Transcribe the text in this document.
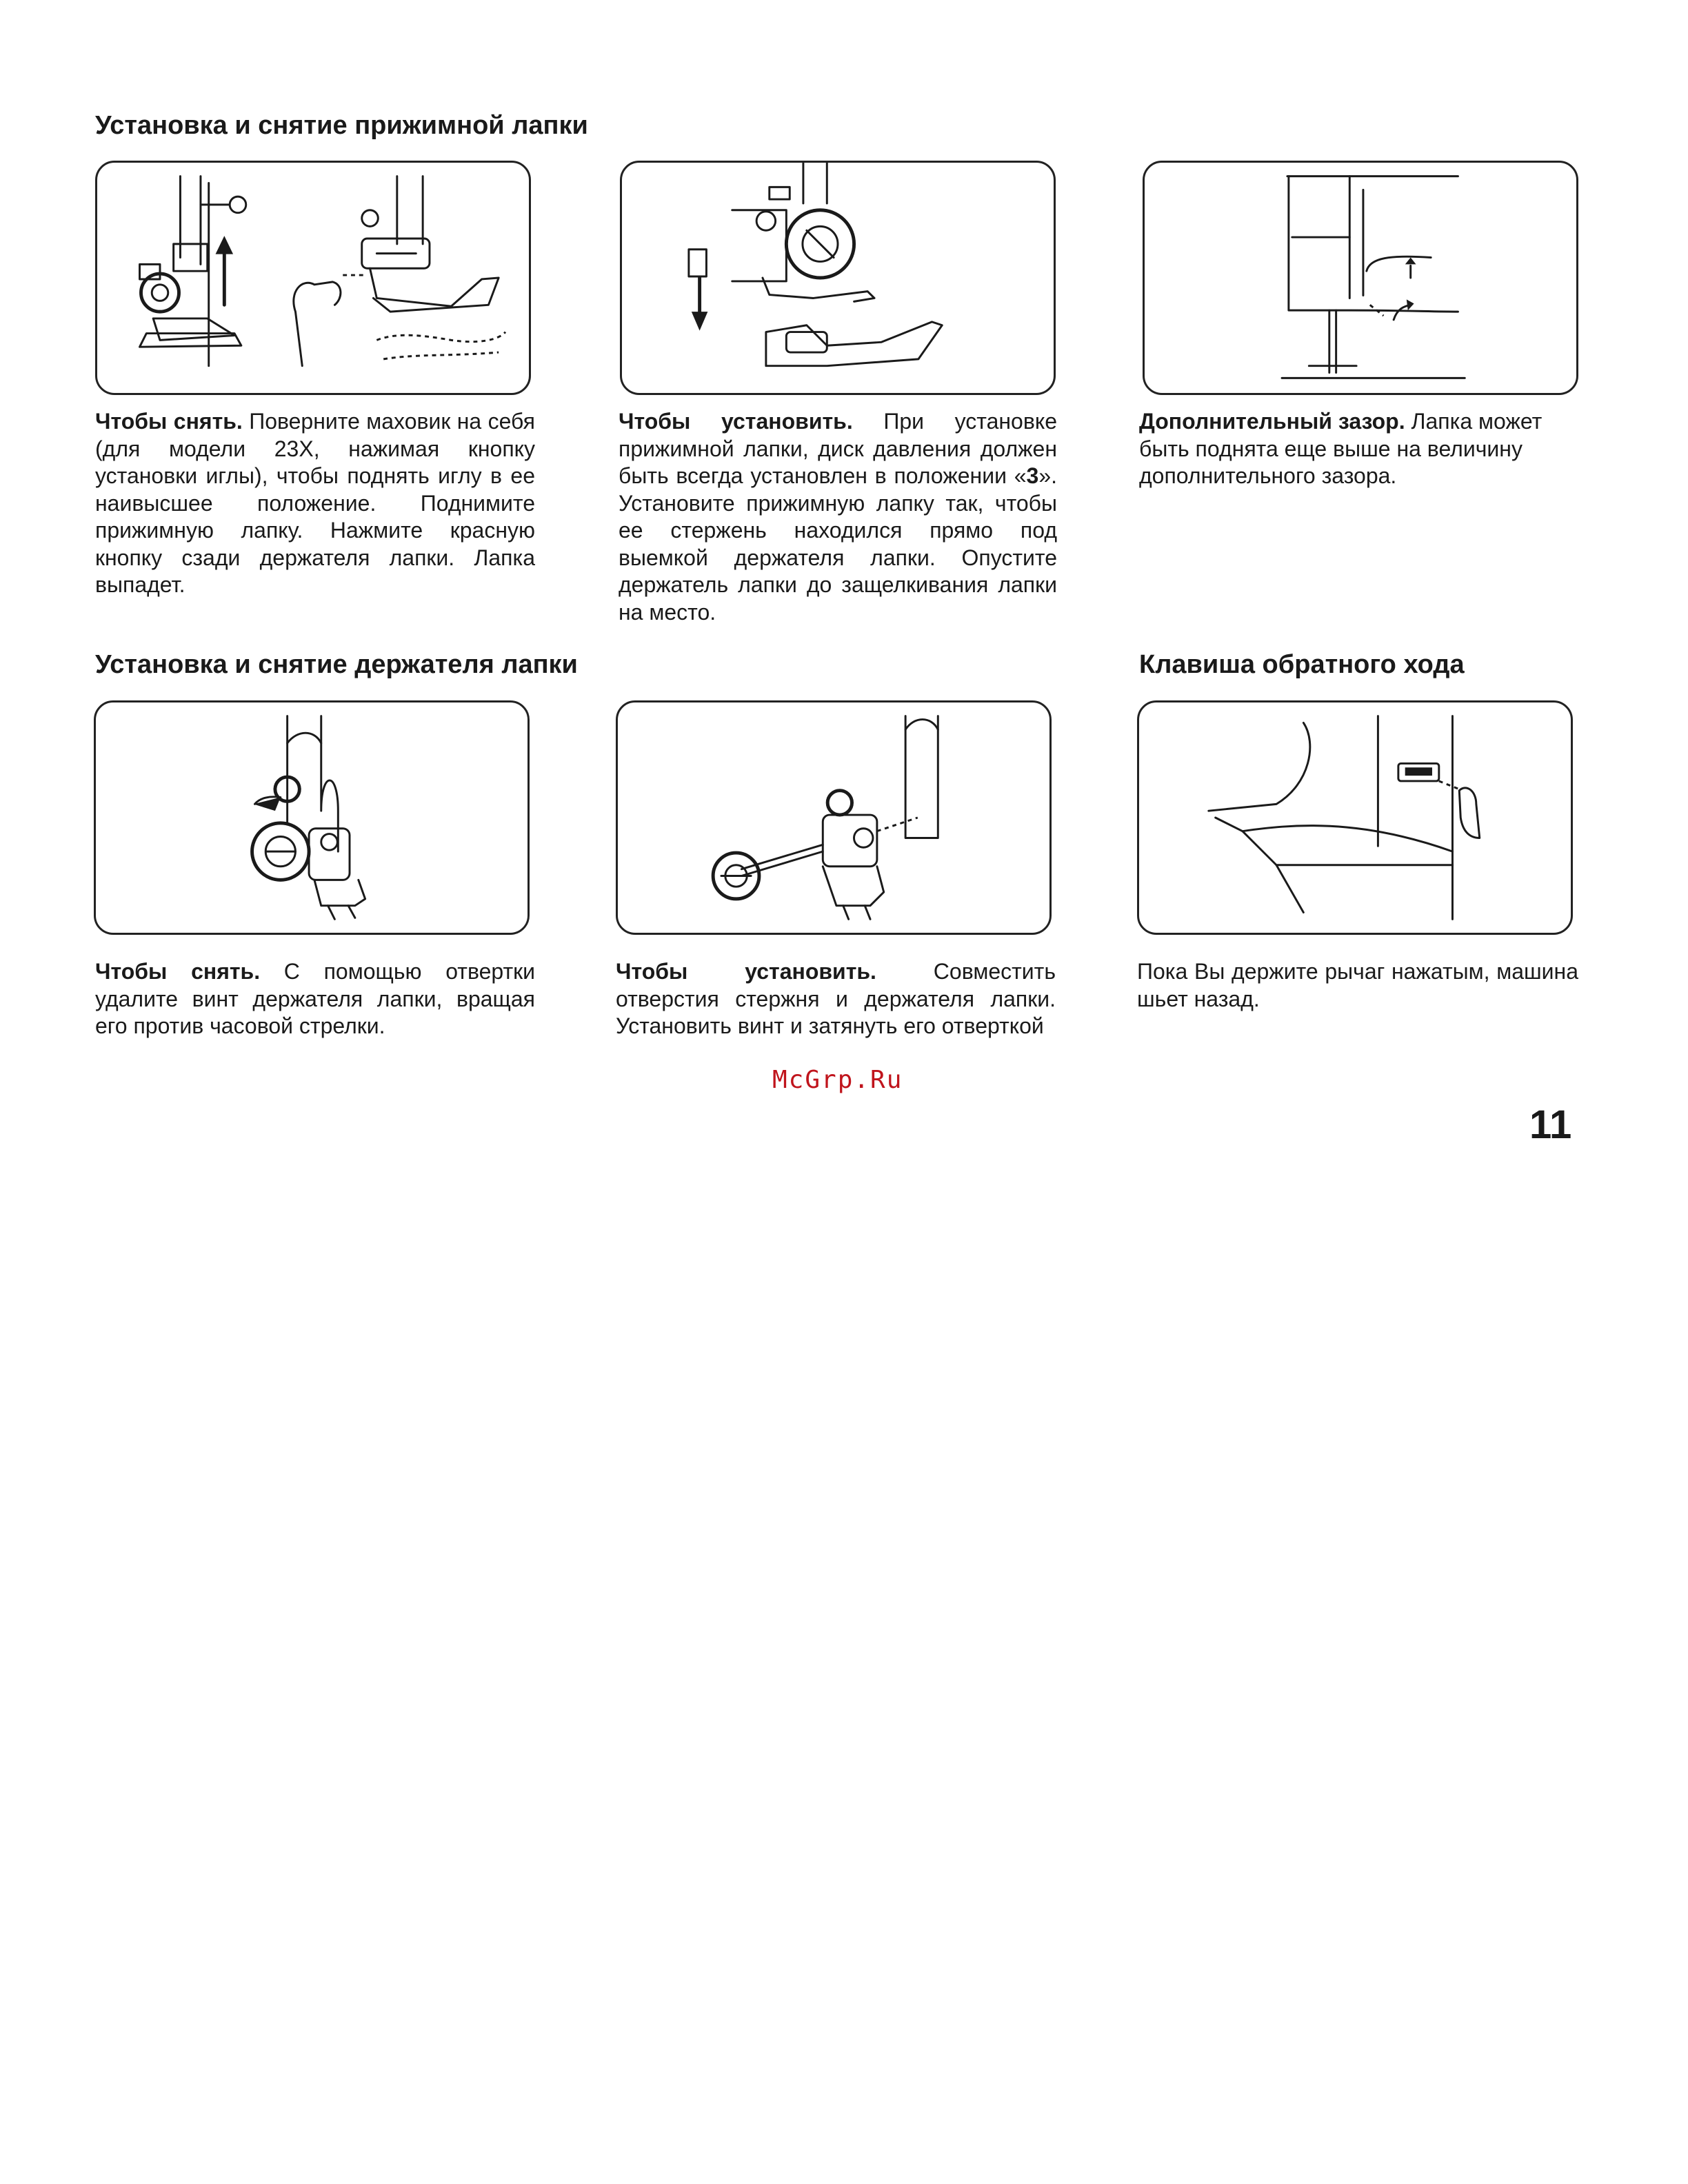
Установка и снятие прижимной лапки

Чтобы снять. Поверните маховик на себя (для модели 23X, нажимая кнопку установки иглы), чтобы поднять иглу в ее наивысшее положение. Поднимите прижимную лапку. Нажмите красную кнопку сзади держателя лапки. Лапка выпадет.

Чтобы установить. При установке прижимной лапки, диск давления должен быть всегда установлен в положении «3». Установите прижимную лапку так, чтобы ее стержень находился прямо под выемкой держателя лапки. Опустите держатель лапки до защелкивания лапки на место.

Дополнительный зазор. Лапка может быть поднята еще выше на величину дополнительного зазора.

Установка и снятие держателя лапки	Клавиша обратного хода

Чтобы снять. С помощью отвертки удалите винт держателя лапки, вращая его против часовой стрелки.

Чтобы установить. Совместить отверстия стержня и держателя лапки. Установить винт и затянуть его отверткой

Пока Вы держите рычаг нажатым, машина шьет назад.

McGrp.Ru
11
